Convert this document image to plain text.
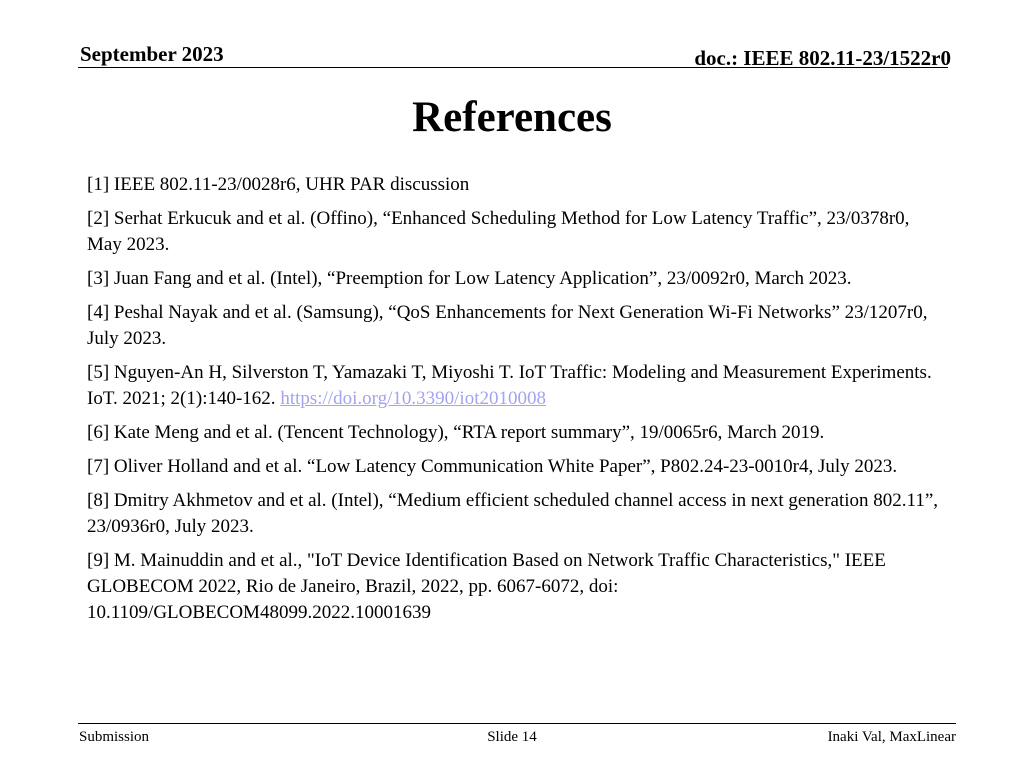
September 2023	doc.: IEEE 802.11-23/1522r0
References
[1] IEEE 802.11-23/0028r6, UHR PAR discussion
[2] Serhat Erkucuk and et al. (Offino), “Enhanced Scheduling Method for Low Latency Traffic”, 23/0378r0, May 2023.
[3] Juan Fang and et al. (Intel), “Preemption for Low Latency Application”, 23/0092r0, March 2023.
[4] Peshal Nayak and et al. (Samsung), “QoS Enhancements for Next Generation Wi-Fi Networks” 23/1207r0, July 2023.
[5] Nguyen-An H, Silverston T, Yamazaki T, Miyoshi T. IoT Traffic: Modeling and Measurement Experiments. IoT. 2021; 2(1):140-162. https://doi.org/10.3390/iot2010008
[6] Kate Meng and et al. (Tencent Technology), “RTA report summary”, 19/0065r6, March 2019.
[7] Oliver Holland and et al. “Low Latency Communication White Paper”, P802.24-23-0010r4, July 2023.
[8] Dmitry Akhmetov and et al. (Intel), “Medium efficient scheduled channel access in next generation 802.11”, 23/0936r0, July 2023.
[9] M. Mainuddin and et al., "IoT Device Identification Based on Network Traffic Characteristics," IEEE GLOBECOM 2022, Rio de Janeiro, Brazil, 2022, pp. 6067-6072, doi: 10.1109/GLOBECOM48099.2022.10001639
Submission	Slide 14	Inaki Val, MaxLinear
